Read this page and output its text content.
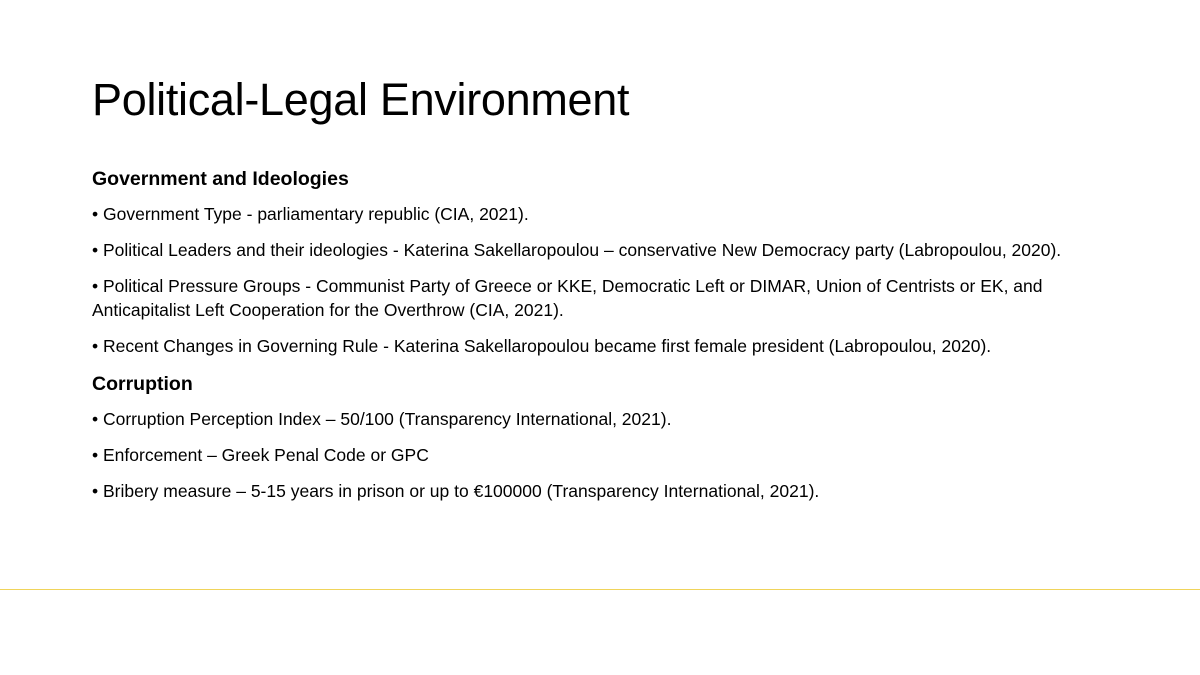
Political-Legal Environment
Government and Ideologies
• Government Type - parliamentary republic (CIA, 2021).
• Political Leaders and their ideologies - Katerina Sakellaropoulou – conservative New Democracy party (Labropoulou, 2020).
• Political Pressure Groups - Communist Party of Greece or KKE, Democratic Left or DIMAR, Union of Centrists or EK, and Anticapitalist Left Cooperation for the Overthrow (CIA, 2021).
• Recent Changes in Governing Rule - Katerina Sakellaropoulou became first female president (Labropoulou, 2020).
Corruption
• Corruption Perception Index – 50/100 (Transparency International, 2021).
• Enforcement – Greek Penal Code or GPC
• Bribery measure – 5-15 years in prison or up to €100000 (Transparency International, 2021).
